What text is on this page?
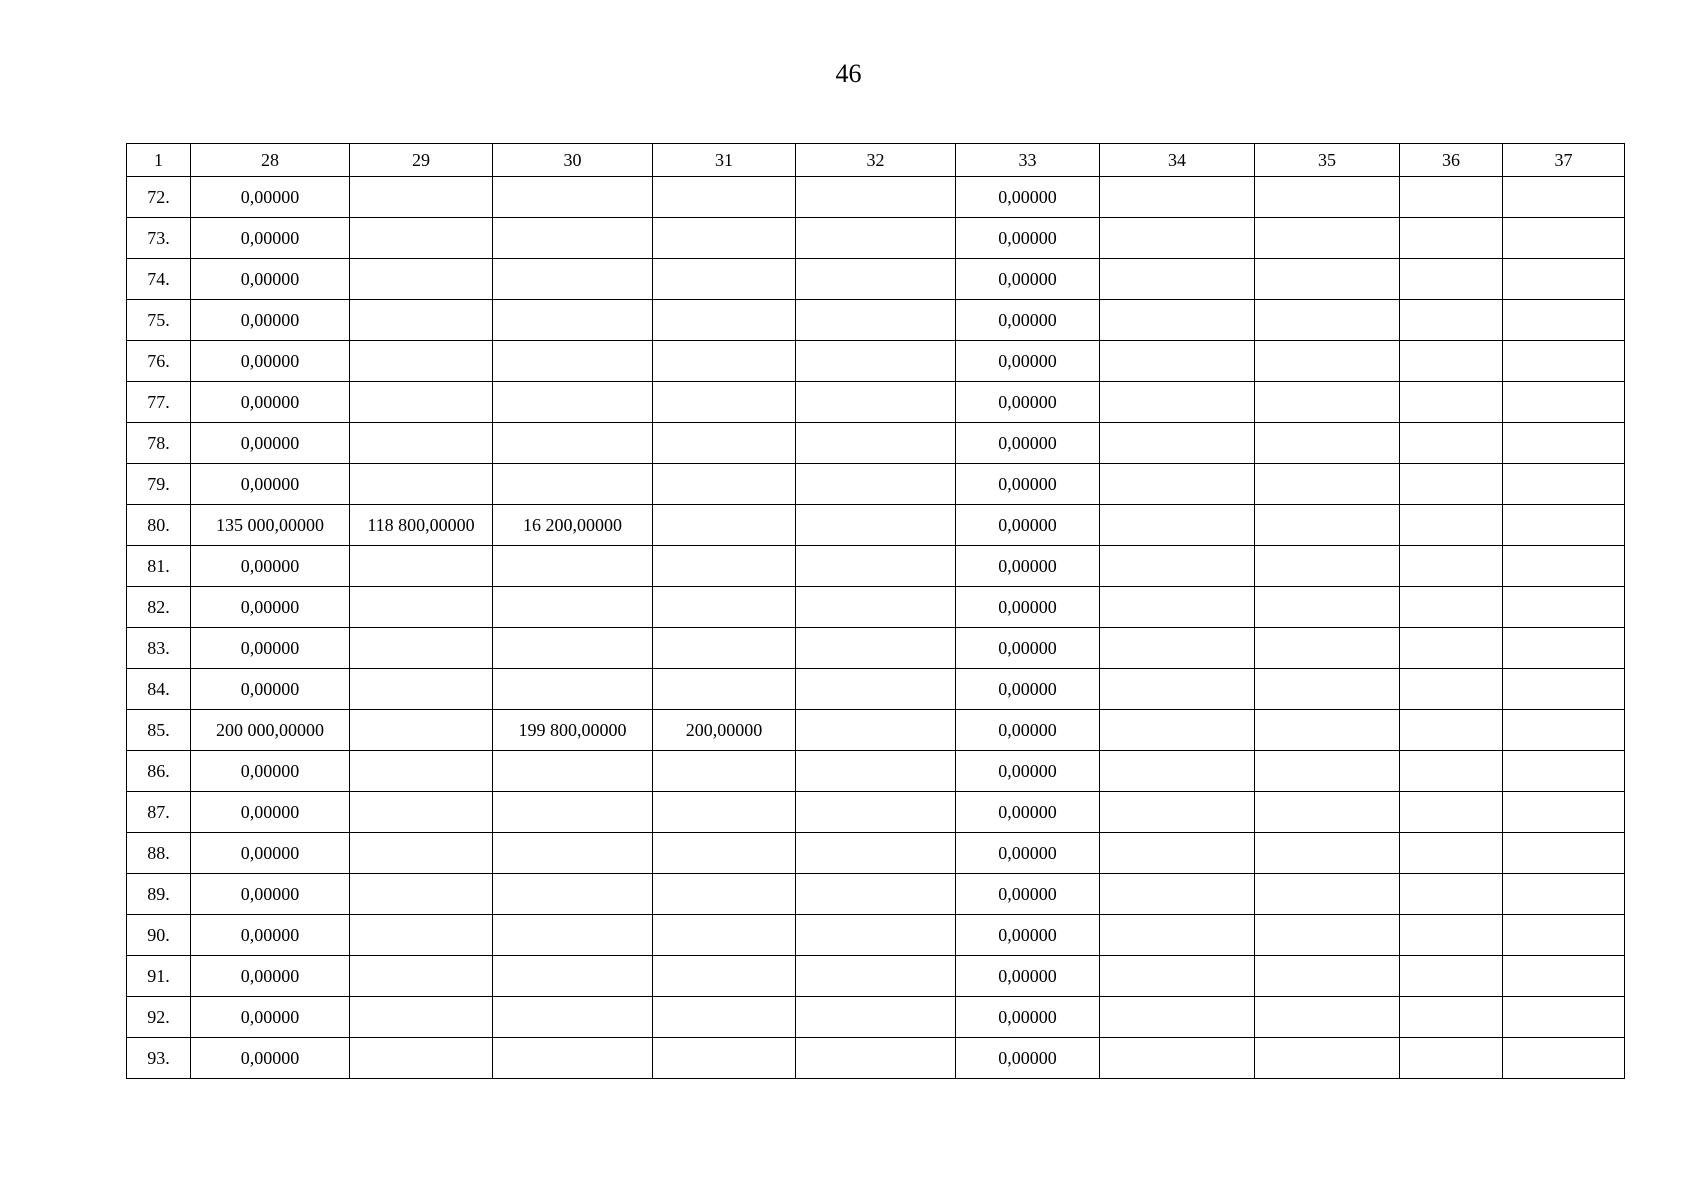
46
1	28	29	30	31	32	33	34	35	36	37
72.	0,00000					0,00000				
73.	0,00000					0,00000				
74.	0,00000					0,00000				
75.	0,00000					0,00000				
76.	0,00000					0,00000				
77.	0,00000					0,00000				
78.	0,00000					0,00000				
79.	0,00000					0,00000				
80.	135 000,00000	118 800,00000	16 200,00000			0,00000				
81.	0,00000					0,00000				
82.	0,00000					0,00000				
83.	0,00000					0,00000				
84.	0,00000					0,00000				
85.	200 000,00000		199 800,00000	200,00000		0,00000				
86.	0,00000					0,00000				
87.	0,00000					0,00000				
88.	0,00000					0,00000				
89.	0,00000					0,00000				
90.	0,00000					0,00000				
91.	0,00000					0,00000				
92.	0,00000					0,00000				
93.	0,00000					0,00000				
